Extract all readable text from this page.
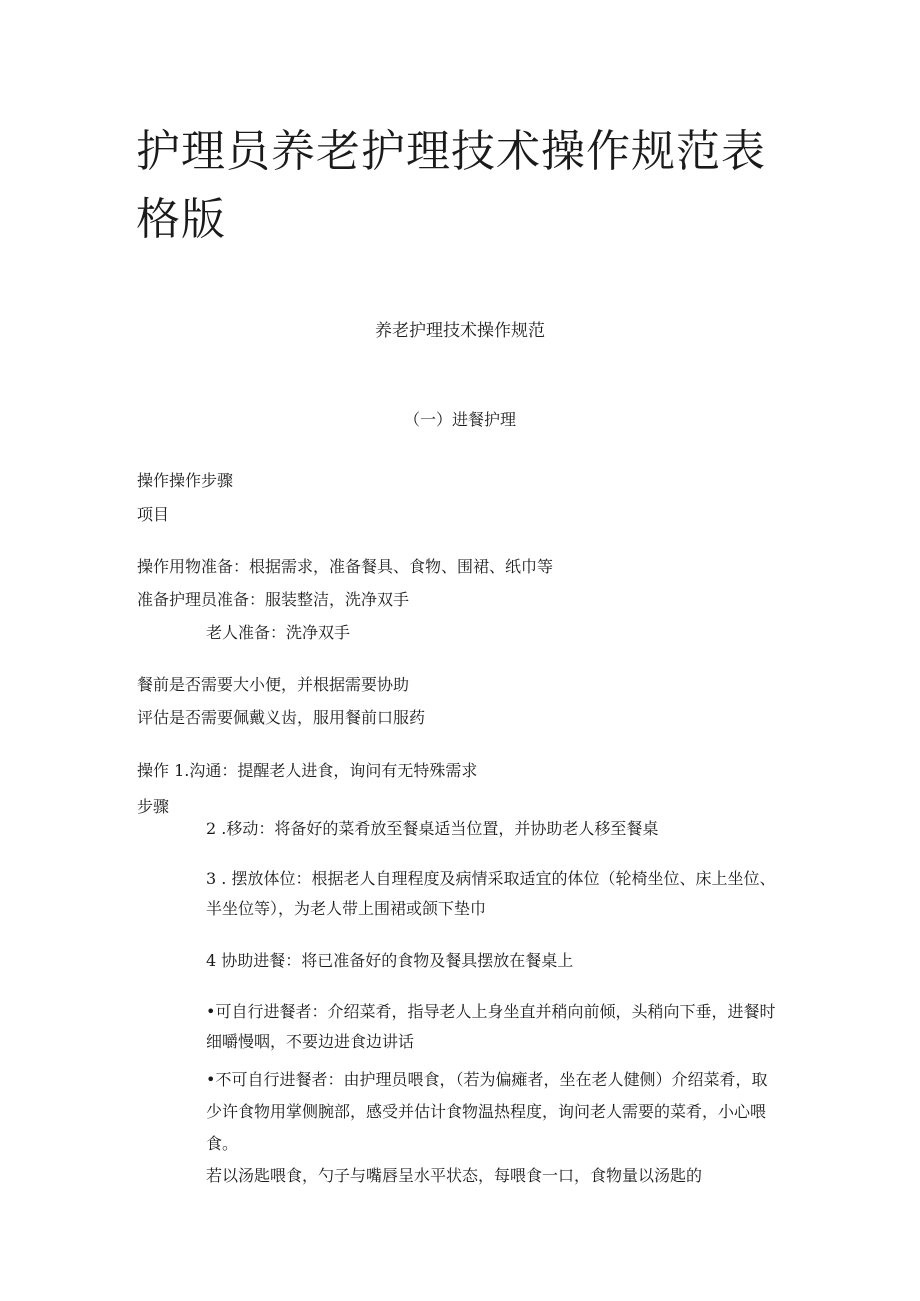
护理员养老护理技术操作规范表格版
养老护理技术操作规范
（一）进餐护理

操作操作步骤

项目

操作用物准备：根据需求，准备餐具、食物、围裙、纸巾等

准备护理员准备：服装整洁，洗净双手

老人准备：洗净双手

餐前是否需要大小便，并根据需要协助

评估是否需要佩戴义齿，服用餐前口服药

操作 1.沟通：提醒老人进食，询问有无特殊需求

步骤

2 .移动：将备好的菜肴放至餐桌适当位置，并协助老人移至餐桌

3 . 摆放体位：根据老人自理程度及病情采取适宜的体位（轮椅坐位、床上坐位、半坐位等），为老人带上围裙或颌下垫巾

4 协助进餐：将已准备好的食物及餐具摆放在餐桌上

•可自行进餐者：介绍菜肴，指导老人上身坐直并稍向前倾，头稍向下垂，进餐时细嚼慢咽，不要边进食边讲话

•不可自行进餐者：由护理员喂食，（若为偏瘫者，坐在老人健侧）介绍菜肴，取少许食物用掌侧腕部，感受并估计食物温热程度，询问老人需要的菜肴，小心喂食。

若以汤匙喂食，勺子与嘴唇呈水平状态，每喂食一口，食物量以汤匙的
